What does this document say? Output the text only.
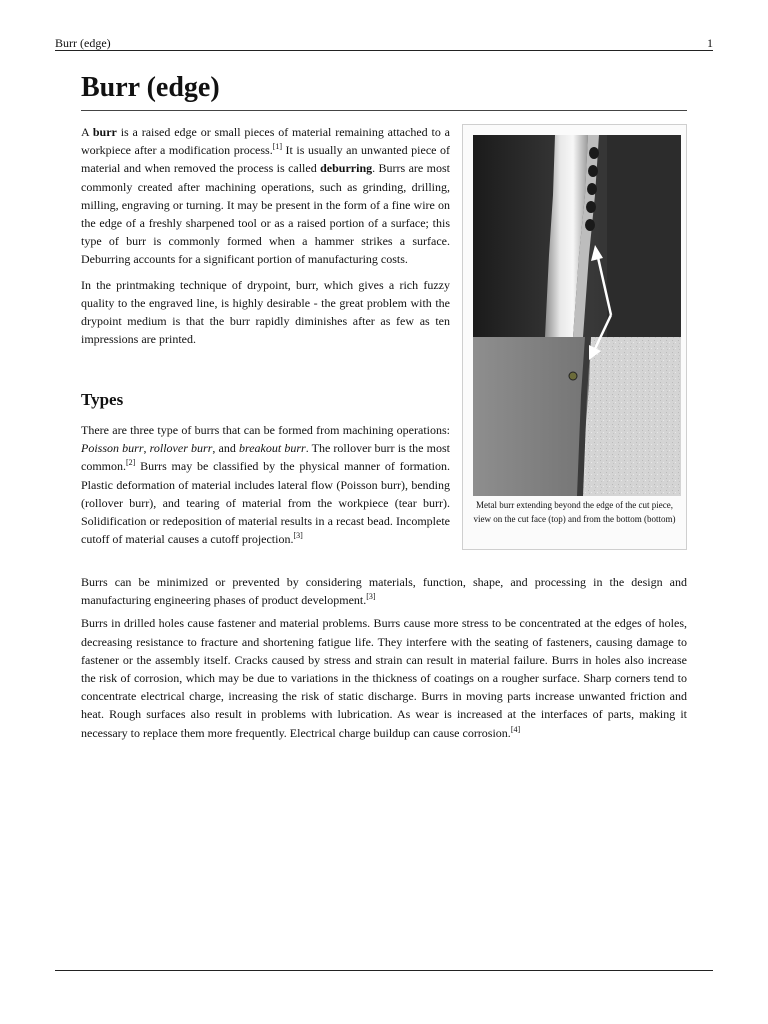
Burr (edge)	1
Burr (edge)

A burr is a raised edge or small pieces of material remaining attached to a workpiece after a modification process.[1] It is usually an unwanted piece of material and when removed the process is called deburring. Burrs are most commonly created after machining operations, such as grinding, drilling, milling, engraving or turning. It may be present in the form of a fine wire on the edge of a freshly sharpened tool or as a raised portion of a surface; this type of burr is commonly formed when a hammer strikes a surface. Deburring accounts for a significant portion of manufacturing costs.

In the printmaking technique of drypoint, burr, which gives a rich fuzzy quality to the engraved line, is highly desirable - the great problem with the drypoint medium is that the burr rapidly diminishes after as few as ten impressions are printed.

Types

There are three type of burrs that can be formed from machining operations: Poisson burr, rollover burr, and breakout burr. The rollover burr is the most common.[2] Burrs may be classified by the physical manner of formation. Plastic deformation of material includes lateral flow (Poisson burr), bending (rollover burr), and tearing of material from the workpiece (tear burr). Solidification or redeposition of material results in a recast bead. Incomplete cutoff of material causes a cutoff projection.[3]

Burrs can be minimized or prevented by considering materials, function, shape, and processing in the design and manufacturing engineering phases of product development.[3]

Burrs in drilled holes cause fastener and material problems. Burrs cause more stress to be concentrated at the edges of holes, decreasing resistance to fracture and shortening fatigue life. They interfere with the seating of fasteners, causing damage to fastener or the assembly itself. Cracks caused by stress and strain can result in material failure. Burrs in holes also increase the risk of corrosion, which may be due to variations in the thickness of coatings on a rougher surface. Sharp corners tend to concentrate electrical charge, increasing the risk of static discharge. Burrs in moving parts increase unwanted friction and heat. Rough surfaces also result in problems with lubrication. As wear is increased at the interfaces of parts, making it necessary to replace them more frequently. Electrical charge buildup can cause corrosion.[4]

Metal burr extending beyond the edge of the cut piece, view on the cut face (top) and from the bottom (bottom)
